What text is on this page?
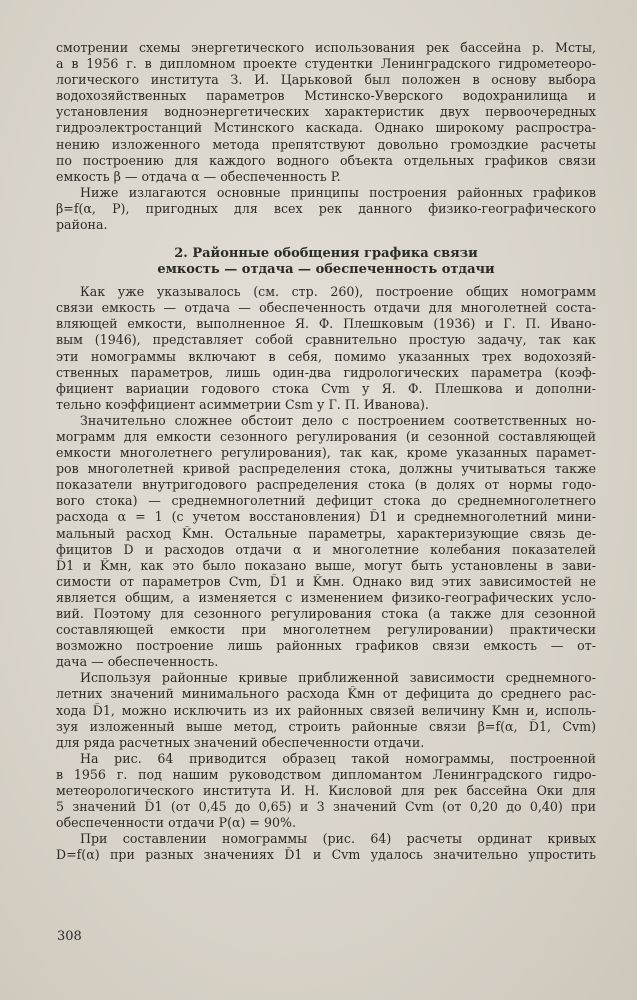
смотрении схемы энергетического использования рек бассейна р. Мсты,
а в 1956 г. в дипломном проекте студентки Ленинградского гидрометеоро-
логического института З. И. Царьковой был положен в основу выбора
водохозяйственных параметров Мстинско-Уверского водохранилища и
установления водноэнергетических характеристик двух первоочередных
гидроэлектростанций Мстинского каскада. Однако широкому распростра-
нению изложенного метода препятствуют довольно громоздкие расчеты
по построению для каждого водного объекта отдельных графиков связи
емкость β — отдача α — обеспеченность P.
Ниже излагаются основные принципы построения районных графиков
β=f(α, P), пригодных для всех рек данного физико-географического
района.
2. Районные обобщения графика связи
емкость — отдача — обеспеченность отдачи
Как уже указывалось (см. стр. 260), построение общих номограмм
связи емкость — отдача — обеспеченность отдачи для многолетней соста-
вляющей емкости, выполненное Я. Ф. Плешковым (1936) и Г. П. Ивано-
вым (1946), представляет собой сравнительно простую задачу, так как
эти номограммы включают в себя, помимо указанных трех водохозяй-
ственных параметров, лишь один-два гидрологических параметра (коэф-
фициент вариации годового стока Cvm у Я. Ф. Плешкова и дополни-
тельно коэффициент асимметрии Csm у Г. П. Иванова).
Значительно сложнее обстоит дело с построением соответственных но-
мограмм для емкости сезонного регулирования (и сезонной составляющей
емкости многолетнего регулирования), так как, кроме указанных парамет-
ров многолетней кривой распределения стока, должны учитываться также
показатели внутригодового распределения стока (в долях от нормы годо-
вого стока) — среднемноголетний дефицит стока до среднемноголетнего
расхода α = 1 (с учетом восстановления) D̄1 и среднемноголетний мини-
мальный расход K̄мн. Остальные параметры, характеризующие связь де-
фицитов D и расходов отдачи α и многолетние колебания показателей
D̄1 и K̄мн, как это было показано выше, могут быть установлены в зави-
симости от параметров Cvm, D̄1 и K̄мн. Однако вид этих зависимостей не
является общим, а изменяется с изменением физико-географических усло-
вий. Поэтому для сезонного регулирования стока (а также для сезонной
составляющей емкости при многолетнем регулировании) практически
возможно построение лишь районных графиков связи емкость — от-
дача — обеспеченность.
Используя районные кривые приближенной зависимости среднемного-
летних значений минимального расхода K̄мн от дефицита до среднего рас-
хода D̄1, можно исключить из их районных связей величину Kмн и, исполь-
зуя изложенный выше метод, строить районные связи β=f(α, D̄1, Cvm)
для ряда расчетных значений обеспеченности отдачи.
На рис. 64 приводится образец такой номограммы, построенной
в 1956 г. под нашим руководством дипломантом Ленинградского гидро-
метеорологического института И. Н. Кисловой для рек бассейна Оки для
5 значений D̄1 (от 0,45 до 0,65) и 3 значений Cvm (от 0,20 до 0,40) при
обеспеченности отдачи P(α) = 90%.
При составлении номограммы (рис. 64) расчеты ординат кривых
D=f(α) при разных значениях D̄1 и Cvm удалось значительно упростить
308
